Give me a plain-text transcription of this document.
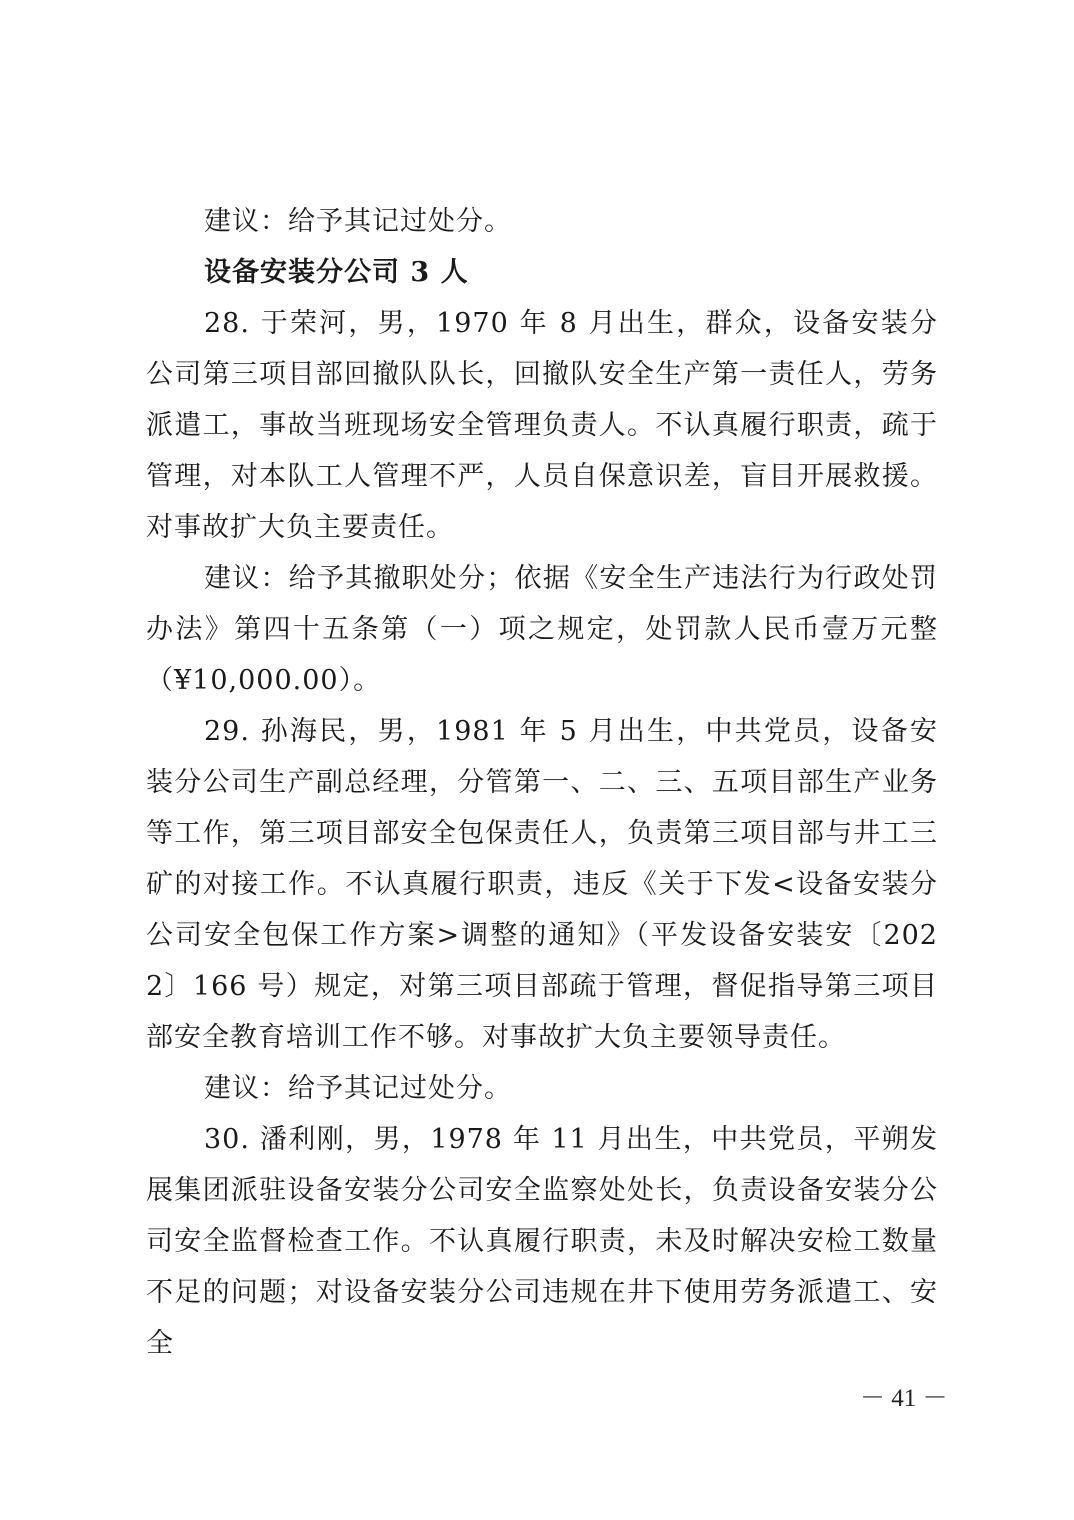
建议：给予其记过处分。

设备安装分公司 3 人

28. 于荣河，男，1970 年 8 月出生，群众，设备安装分公司第三项目部回撤队队长，回撤队安全生产第一责任人，劳务派遣工，事故当班现场安全管理负责人。不认真履行职责，疏于管理，对本队工人管理不严，人员自保意识差，盲目开展救援。对事故扩大负主要责任。

建议：给予其撤职处分；依据《安全生产违法行为行政处罚办法》第四十五条第（一）项之规定，处罚款人民币壹万元整（¥10,000.00）。

29. 孙海民，男，1981 年 5 月出生，中共党员，设备安装分公司生产副总经理，分管第一、二、三、五项目部生产业务等工作，第三项目部安全包保责任人，负责第三项目部与井工三矿的对接工作。不认真履行职责，违反《关于下发<设备安装分公司安全包保工作方案>调整的通知》（平发设备安装安〔2022〕166 号）规定，对第三项目部疏于管理，督促指导第三项目部安全教育培训工作不够。对事故扩大负主要领导责任。

建议：给予其记过处分。

30. 潘利刚，男，1978 年 11 月出生，中共党员，平朔发展集团派驻设备安装分公司安全监察处处长，负责设备安装分公司安全监督检查工作。不认真履行职责，未及时解决安检工数量不足的问题；对设备安装分公司违规在井下使用劳务派遣工、安全

－ 41 －
